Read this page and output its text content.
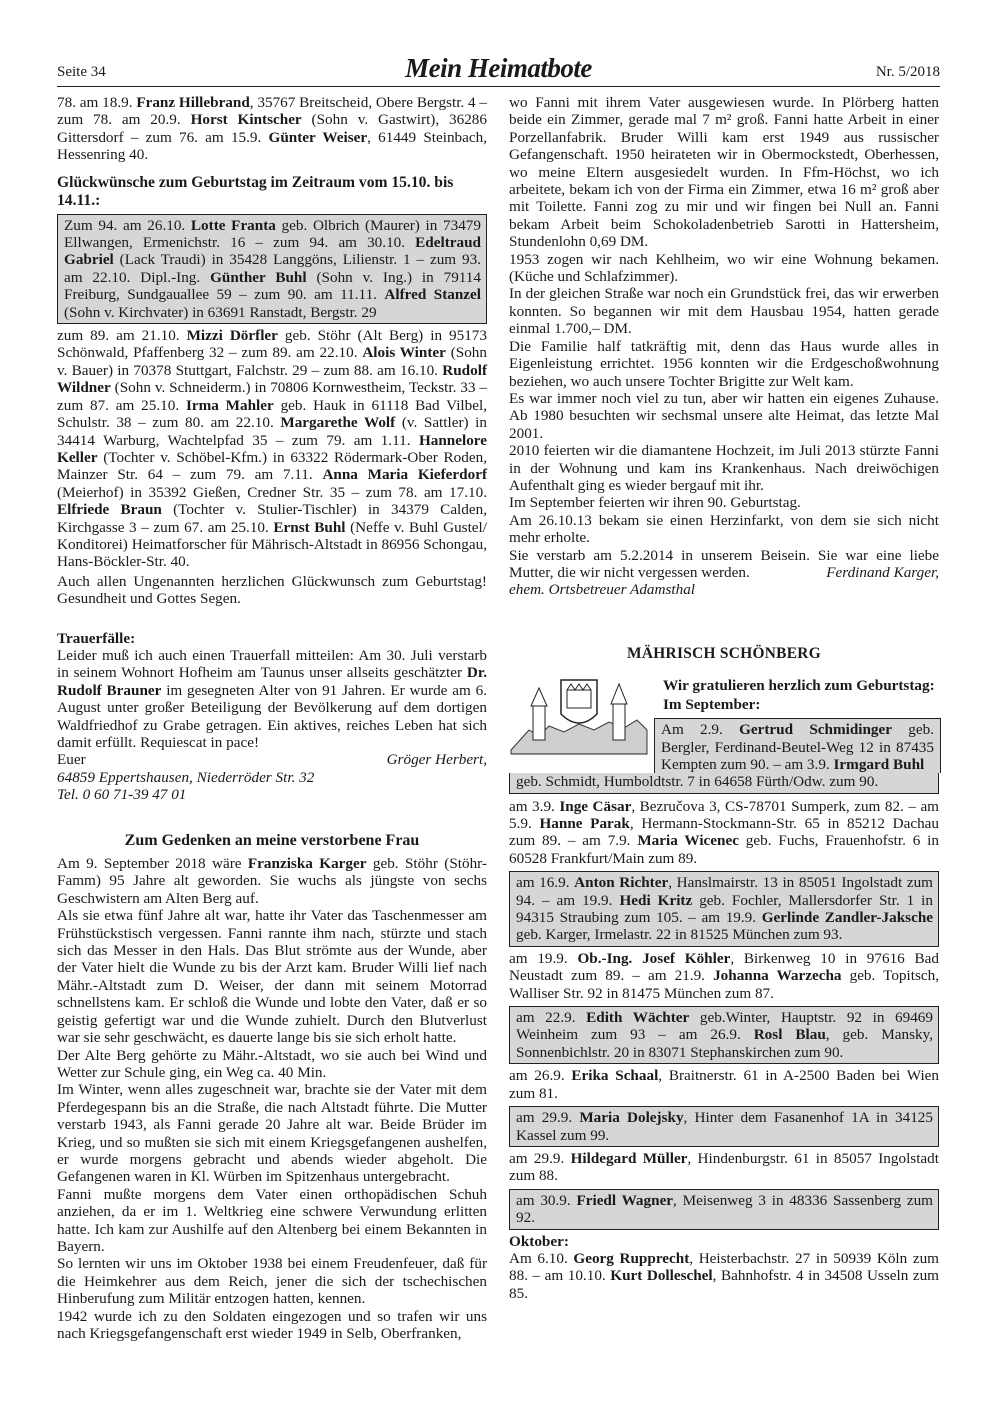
Seite 34	Mein Heimatbote	Nr. 5/2018

78. am 18.9. Franz Hillebrand, 35767 Breitscheid, Obere Bergstr. 4 – zum 78. am 20.9. Horst Kintscher (Sohn v. Gastwirt), 36286 Gittersdorf – zum 76. am 15.9. Günter Weiser, 61449 Steinbach, Hessenring 40.

Glückwünsche zum Geburtstag im Zeitraum vom 15.10. bis 14.11.:

Zum 94. am 26.10. Lotte Franta geb. Olbrich (Maurer) in 73479 Ellwangen, Ermenichstr. 16 – zum 94. am 30.10. Edeltraud Gabriel (Lack Traudi) in 35428 Langgöns, Lilienstr. 1 – zum 93. am 22.10. Dipl.-Ing. Günther Buhl (Sohn v. Ing.) in 79114 Freiburg, Sundgauallee 59 – zum 90. am 11.11. Alfred Stanzel (Sohn v. Kirchvater) in 63691 Ranstadt, Bergstr. 29

zum 89. am 21.10. Mizzi Dörfler geb. Stöhr (Alt Berg) in 95173 Schönwald, Pfaffenberg 32 – zum 89. am 22.10. Alois Winter (Sohn v. Bauer) in 70378 Stuttgart, Falchstr. 29 – zum 88. am 16.10. Rudolf Wildner (Sohn v. Schneiderm.) in 70806 Kornwestheim, Teckstr. 33 – zum 87. am 25.10. Irma Mahler geb. Hauk in 61118 Bad Vilbel, Schulstr. 38 – zum 80. am 22.10. Margarethe Wolf (v. Sattler) in 34414 Warburg, Wachtelpfad 35 – zum 79. am 1.11. Hannelore Keller (Tochter v. Schöbel-Kfm.) in 63322 Rödermark-Ober Roden, Mainzer Str. 64 – zum 79. am 7.11. Anna Maria Kieferdorf (Meierhof) in 35392 Gießen, Credner Str. 35 – zum 78. am 17.10. Elfriede Braun (Tochter v. Stulier-Tischler) in 34379 Calden, Kirchgasse 3 – zum 67. am 25.10. Ernst Buhl (Neffe v. Buhl Gustel/ Konditorei) Heimatforscher für Mährisch-Altstadt in 86956 Schongau, Hans-Böckler-Str. 40.

Auch allen Ungenannten herzlichen Glückwunsch zum Geburtstag! Gesundheit und Gottes Segen.

Trauerfälle:

Leider muß ich auch einen Trauerfall mitteilen: Am 30. Juli verstarb in seinem Wohnort Hofheim am Taunus unser allseits geschätzter Dr. Rudolf Brauner im gesegneten Alter von 91 Jahren. Er wurde am 6. August unter großer Beteiligung der Bevölkerung auf dem dortigen Waldfriedhof zu Grabe getragen. Ein aktives, reiches Leben hat sich damit erfüllt. Requiescat in pace!

Euer	Gröger Herbert,

64859 Eppertshausen, Niederröder Str. 32

Tel. 0 60 71-39 47 01

Zum Gedenken an meine verstorbene Frau

Am 9. September 2018 wäre Franziska Karger geb. Stöhr (Stöhr-Famm) 95 Jahre alt geworden. Sie wuchs als jüngste von sechs Geschwistern am Alten Berg auf.

Als sie etwa fünf Jahre alt war, hatte ihr Vater das Taschenmesser am Frühstückstisch vergessen. Fanni rannte ihm nach, stürzte und stach sich das Messer in den Hals. Das Blut strömte aus der Wunde, aber der Vater hielt die Wunde zu bis der Arzt kam. Bruder Willi lief nach Mähr.-Altstadt zum D. Weiser, der dann mit seinem Motorrad schnellstens kam. Er schloß die Wunde und lobte den Vater, daß er so geistig gefertigt war und die Wunde zuhielt. Durch den Blutverlust war sie sehr geschwächt, es dauerte lange bis sie sich erholt hatte.

Der Alte Berg gehörte zu Mähr.-Altstadt, wo sie auch bei Wind und Wetter zur Schule ging, ein Weg ca. 40 Min.

Im Winter, wenn alles zugeschneit war, brachte sie der Vater mit dem Pferdegespann bis an die Straße, die nach Altstadt führte. Die Mutter verstarb 1943, als Fanni gerade 20 Jahre alt war. Beide Brüder im Krieg, und so mußten sie sich mit einem Kriegsgefangenen aushelfen, er wurde morgens gebracht und abends wieder abgeholt. Die Gefangenen waren in Kl. Würben im Spitzenhaus untergebracht.

Fanni mußte morgens dem Vater einen orthopädischen Schuh anziehen, da er im 1. Weltkrieg eine schwere Verwundung erlitten hatte. Ich kam zur Aushilfe auf den Altenberg bei einem Bekannten in Bayern.

So lernten wir uns im Oktober 1938 bei einem Freudenfeuer, daß für die Heimkehrer aus dem Reich, jener die sich der tschechischen Hinberufung zum Militär entzogen hatten, kennen.

1942 wurde ich zu den Soldaten eingezogen und so trafen wir uns nach Kriegsgefangenschaft erst wieder 1949 in Selb, Oberfranken,

wo Fanni mit ihrem Vater ausgewiesen wurde. In Plörberg hatten beide ein Zimmer, gerade mal 7 m² groß. Fanni hatte Arbeit in einer Porzellanfabrik. Bruder Willi kam erst 1949 aus russischer Gefangenschaft. 1950 heirateten wir in Obermockstedt, Oberhessen, wo meine Eltern ausgesiedelt wurden. In Ffm-Höchst, wo ich arbeitete, bekam ich von der Firma ein Zimmer, etwa 16 m² groß aber mit Toilette. Fanni zog zu mir und wir fingen bei Null an. Fanni bekam Arbeit beim Schokoladenbetrieb Sarotti in Hattersheim, Stundenlohn 0,69 DM.

1953 zogen wir nach Kehlheim, wo wir eine Wohnung bekamen. (Küche und Schlafzimmer).

In der gleichen Straße war noch ein Grundstück frei, das wir erwerben konnten. So begannen wir mit dem Hausbau 1954, hatten gerade einmal 1.700,– DM.

Die Familie half tatkräftig mit, denn das Haus wurde alles in Eigenleistung errichtet. 1956 konnten wir die Erdgeschoßwohnung beziehen, wo auch unsere Tochter Brigitte zur Welt kam.

Es war immer noch viel zu tun, aber wir hatten ein eigenes Zuhause. Ab 1980 besuchten wir sechsmal unsere alte Heimat, das letzte Mal 2001.

2010 feierten wir die diamantene Hochzeit, im Juli 2013 stürzte Fanni in der Wohnung und kam ins Krankenhaus. Nach dreiwöchigen Aufenthalt ging es wieder bergauf mit ihr.

Im September feierten wir ihren 90. Geburtstag.

Am 26.10.13 bekam sie einen Herzinfarkt, von dem sie sich nicht mehr erholte.

Sie verstarb am 5.2.2014 in unserem Beisein. Sie war eine liebe Mutter, die wir nicht vergessen werden.	Ferdinand Karger,

ehem. Ortsbetreuer Adamsthal

MÄHRISCH SCHÖNBERG
Wir gratulieren herzlich zum Geburtstag:
Im September:
Am 2.9. Gertrud Schmidinger geb. Bergler, Ferdinand-Beutel-Weg 12 in 87435 Kempten zum 90. – am 3.9. Irmgard Buhl
geb. Schmidt, Humboldtstr. 7 in 64658 Fürth/Odw. zum 90.

am 3.9. Inge Cäsar, Bezručova 3, CS-78701 Sumperk, zum 82. – am 5.9. Hanne Parak, Hermann-Stockmann-Str. 65 in 85212 Dachau zum 89. – am 7.9. Maria Wicenec geb. Fuchs, Frauenhofstr. 6 in 60528 Frankfurt/Main zum 89.

am 16.9. Anton Richter, Hanslmairstr. 13 in 85051 Ingolstadt zum 94. – am 19.9. Hedi Kritz geb. Fochler, Mallersdorfer Str. 1 in 94315 Straubing zum 105. – am 19.9. Gerlinde Zandler-Jaksche geb. Karger, Irmelastr. 22 in 81525 München zum 93.

am 19.9. Ob.-Ing. Josef Köhler, Birkenweg 10 in 97616 Bad Neustadt zum 89. – am 21.9. Johanna Warzecha geb. Topitsch, Walliser Str. 92 in 81475 München zum 87.

am 22.9. Edith Wächter geb.Winter, Hauptstr. 92 in 69469 Weinheim zum 93 – am 26.9. Rosl Blau, geb. Mansky, Sonnenbichlstr. 20 in 83071 Stephanskirchen zum 90.

am 26.9. Erika Schaal, Braitnerstr. 61 in A-2500 Baden bei Wien zum 81.

am 29.9. Maria Dolejsky, Hinter dem Fasanenhof 1A in 34125 Kassel zum 99.

am 29.9. Hildegard Müller, Hindenburgstr. 61 in 85057 Ingolstadt zum 88.

am 30.9. Friedl Wagner, Meisenweg 3 in 48336 Sassenberg zum 92.

Oktober:

Am 6.10. Georg Rupprecht, Heisterbachstr. 27 in 50939 Köln zum 88. – am 10.10. Kurt Dolleschel, Bahnhofstr. 4 in 34508 Usseln zum 85.
